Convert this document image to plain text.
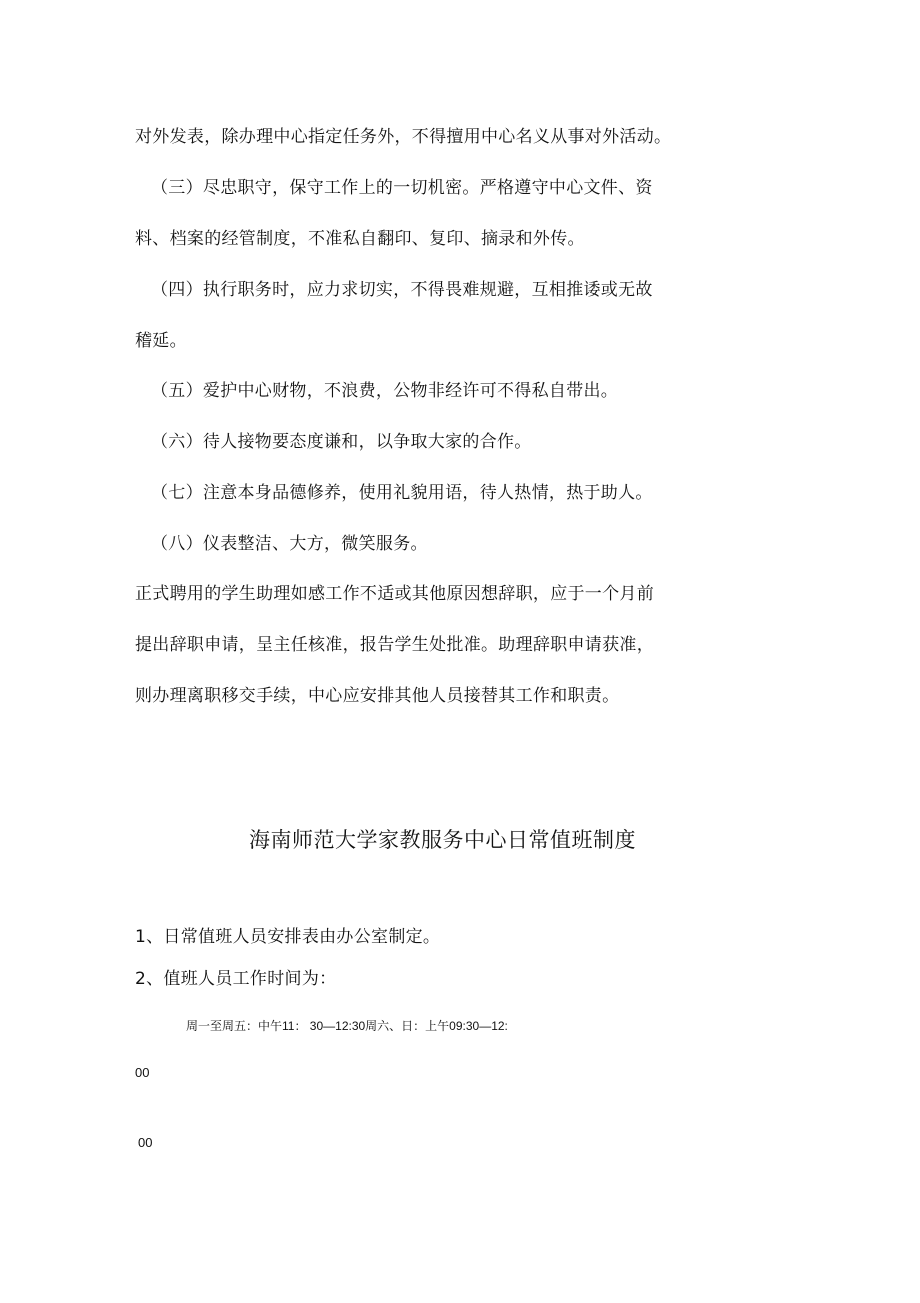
对外发表，除办理中心指定任务外，不得擅用中心名义从事对外活动。
（三）尽忠职守，保守工作上的一切机密。严格遵守中心文件、资
料、档案的经管制度，不准私自翻印、复印、摘录和外传。
（四）执行职务时，应力求切实，不得畏难规避，互相推诿或无故
稽延。
（五）爱护中心财物，不浪费，公物非经许可不得私自带出。
（六）待人接物要态度谦和，以争取大家的合作。
（七）注意本身品德修养，使用礼貌用语，待人热情，热于助人。
（八）仪表整洁、大方，微笑服务。
正式聘用的学生助理如感工作不适或其他原因想辞职，应于一个月前
提出辞职申请，呈主任核准，报告学生处批准。助理辞职申请获准，
则办理离职移交手续，中心应安排其他人员接替其工作和职责。
海南师范大学家教服务中心日常值班制度
1、日常值班人员安排表由办公室制定。
2、值班人员工作时间为：
周一至周五：中午11： 30—12:30周六、日：上午09:30—12:
00
00
